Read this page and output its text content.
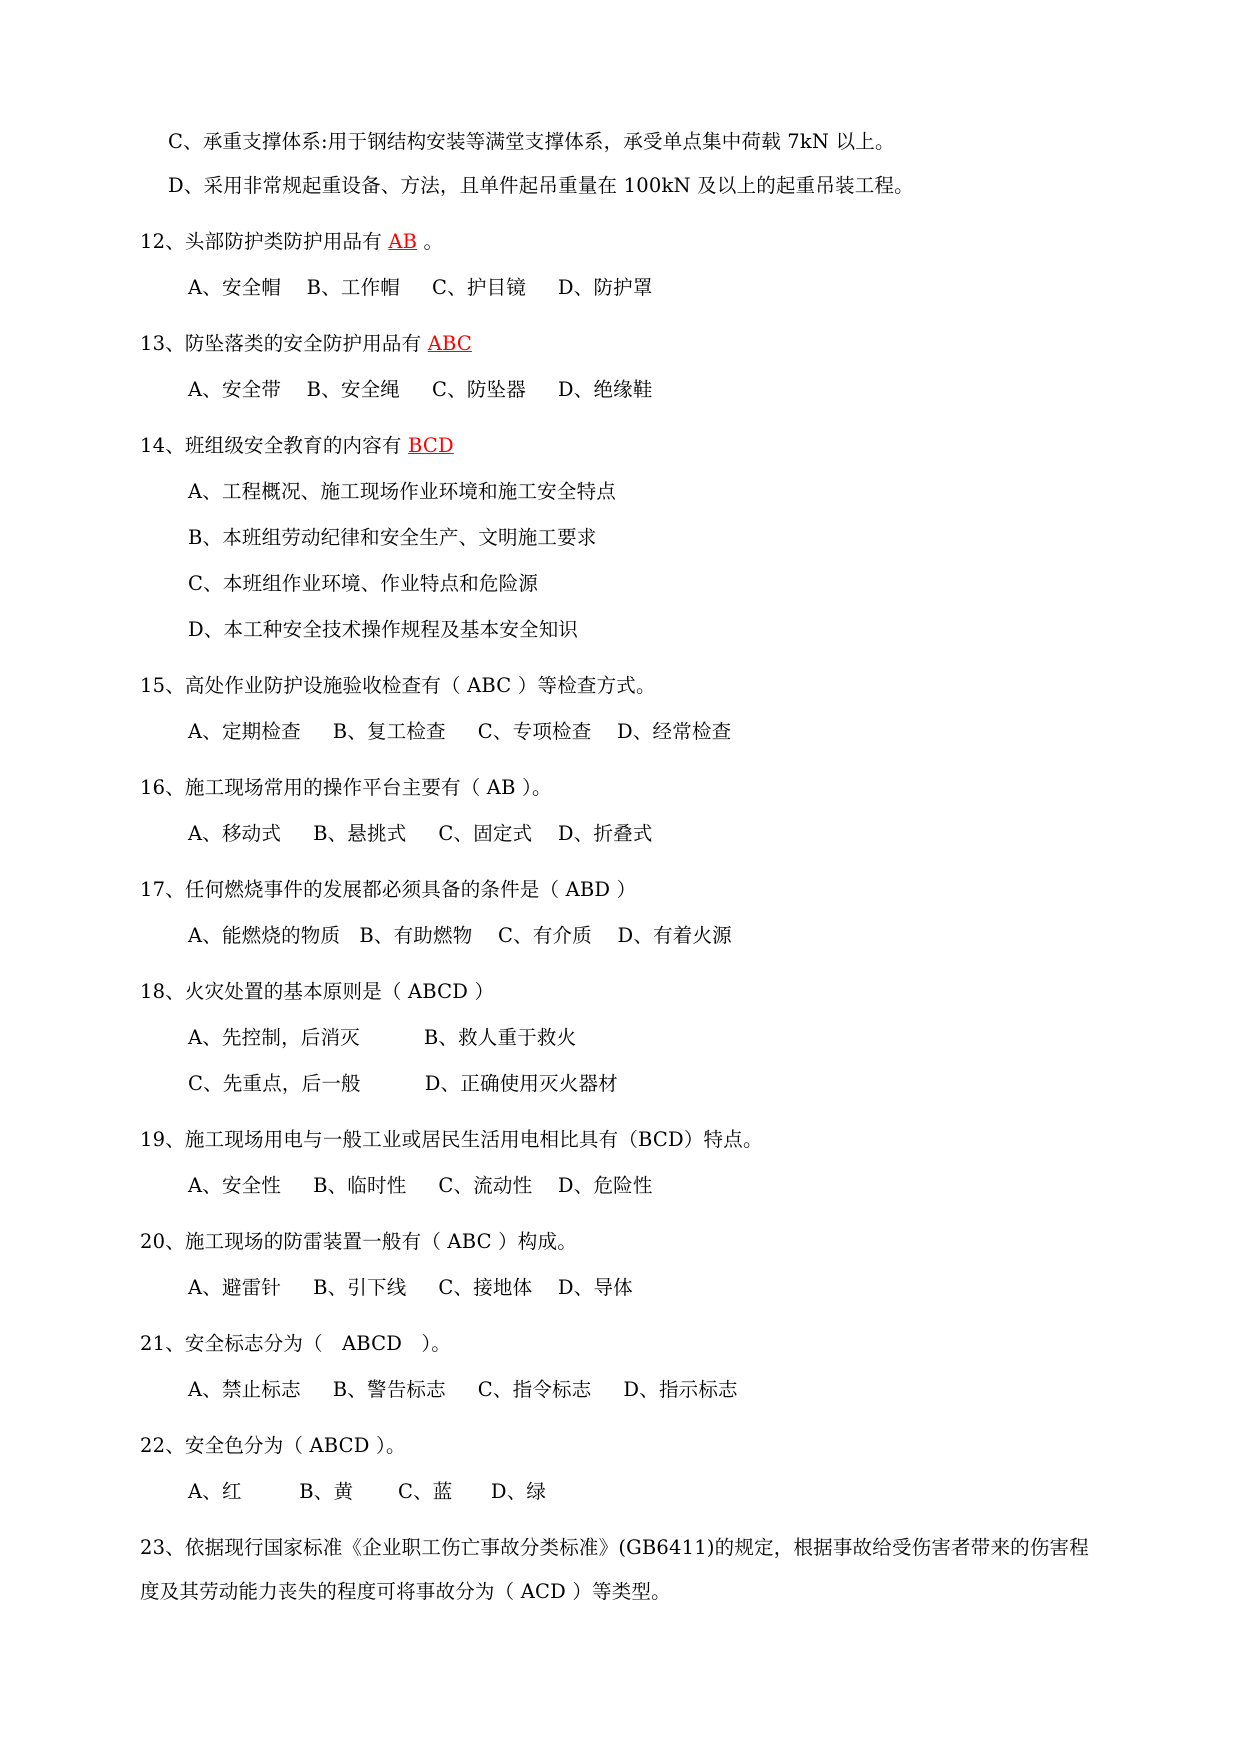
C、承重支撑体系:用于钢结构安装等满堂支撑体系，承受单点集中荷载 7kN 以上。
D、采用非常规起重设备、方法，且单件起吊重量在 100kN 及以上的起重吊装工程。
12、头部防护类防护用品有 AB 。
A、安全帽    B、工作帽     C、护目镜     D、防护罩
13、防坠落类的安全防护用品有 ABC
A、安全带    B、安全绳     C、防坠器     D、绝缘鞋
14、班组级安全教育的内容有 BCD
A、工程概况、施工现场作业环境和施工安全特点
B、本班组劳动纪律和安全生产、文明施工要求
C、本班组作业环境、作业特点和危险源
D、本工种安全技术操作规程及基本安全知识
15、高处作业防护设施验收检查有（ ABC ）等检查方式。
A、定期检查     B、复工检查     C、专项检查    D、经常检查
16、施工现场常用的操作平台主要有（ AB ）。
A、移动式     B、悬挑式     C、固定式    D、折叠式
17、任何燃烧事件的发展都必须具备的条件是（ ABD ）
A、能燃烧的物质   B、有助燃物    C、有介质    D、有着火源
18、火灾处置的基本原则是（ ABCD ）
A、先控制，后消灭          B、救人重于救火
C、先重点，后一般          D、正确使用灭火器材
19、施工现场用电与一般工业或居民生活用电相比具有（BCD）特点。
A、安全性     B、临时性     C、流动性    D、危险性
20、施工现场的防雷装置一般有（ ABC ）构成。
A、避雷针     B、引下线     C、接地体    D、导体
21、安全标志分为（   ABCD   ）。
A、禁止标志     B、警告标志     C、指令标志     D、指示标志
22、安全色分为（ ABCD ）。
A、红         B、黄       C、蓝      D、绿
23、依据现行国家标准《企业职工伤亡事故分类标准》(GB6411)的规定，根据事故给受伤害者带来的伤害程度及其劳动能力丧失的程度可将事故分为（ ACD ）等类型。
